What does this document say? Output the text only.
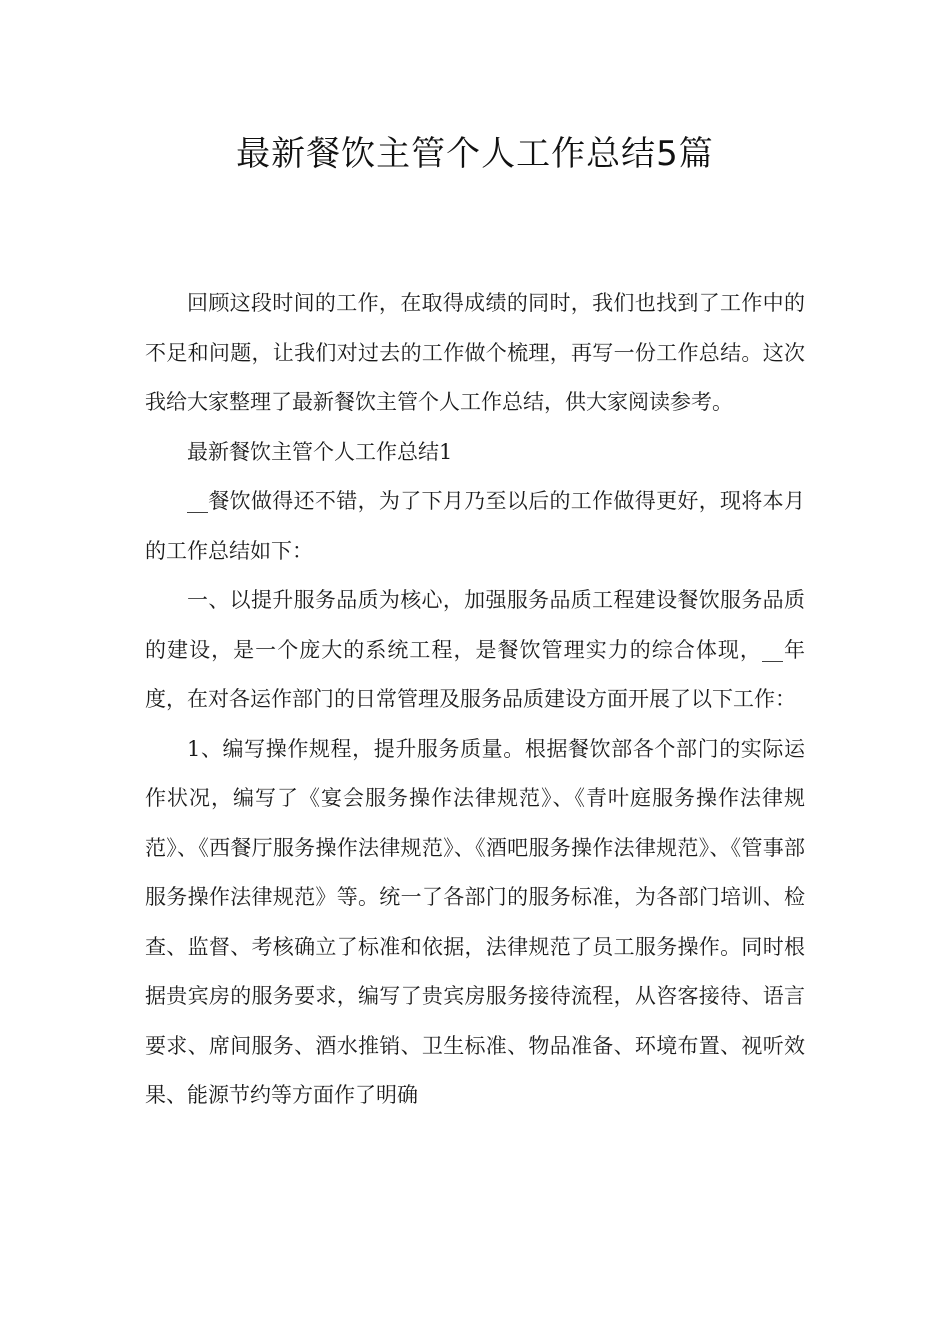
最新餐饮主管个人工作总结5篇

回顾这段时间的工作，在取得成绩的同时，我们也找到了工作中的不足和问题，让我们对过去的工作做个梳理，再写一份工作总结。这次我给大家整理了最新餐饮主管个人工作总结，供大家阅读参考。

最新餐饮主管个人工作总结1

__餐饮做得还不错，为了下月乃至以后的工作做得更好，现将本月的工作总结如下：

一、以提升服务品质为核心，加强服务品质工程建设餐饮服务品质的建设，是一个庞大的系统工程，是餐饮管理实力的综合体现，__年度，在对各运作部门的日常管理及服务品质建设方面开展了以下工作：

1、编写操作规程，提升服务质量。根据餐饮部各个部门的实际运作状况，编写了《宴会服务操作法律规范》、《青叶庭服务操作法律规范》、《西餐厅服务操作法律规范》、《酒吧服务操作法律规范》、《管事部服务操作法律规范》等。统一了各部门的服务标准，为各部门培训、检查、监督、考核确立了标准和依据，法律规范了员工服务操作。同时根据贵宾房的服务要求，编写了贵宾房服务接待流程，从咨客接待、语言要求、席间服务、酒水推销、卫生标准、物品准备、环境布置、视听效果、能源节约等方面作了明确
